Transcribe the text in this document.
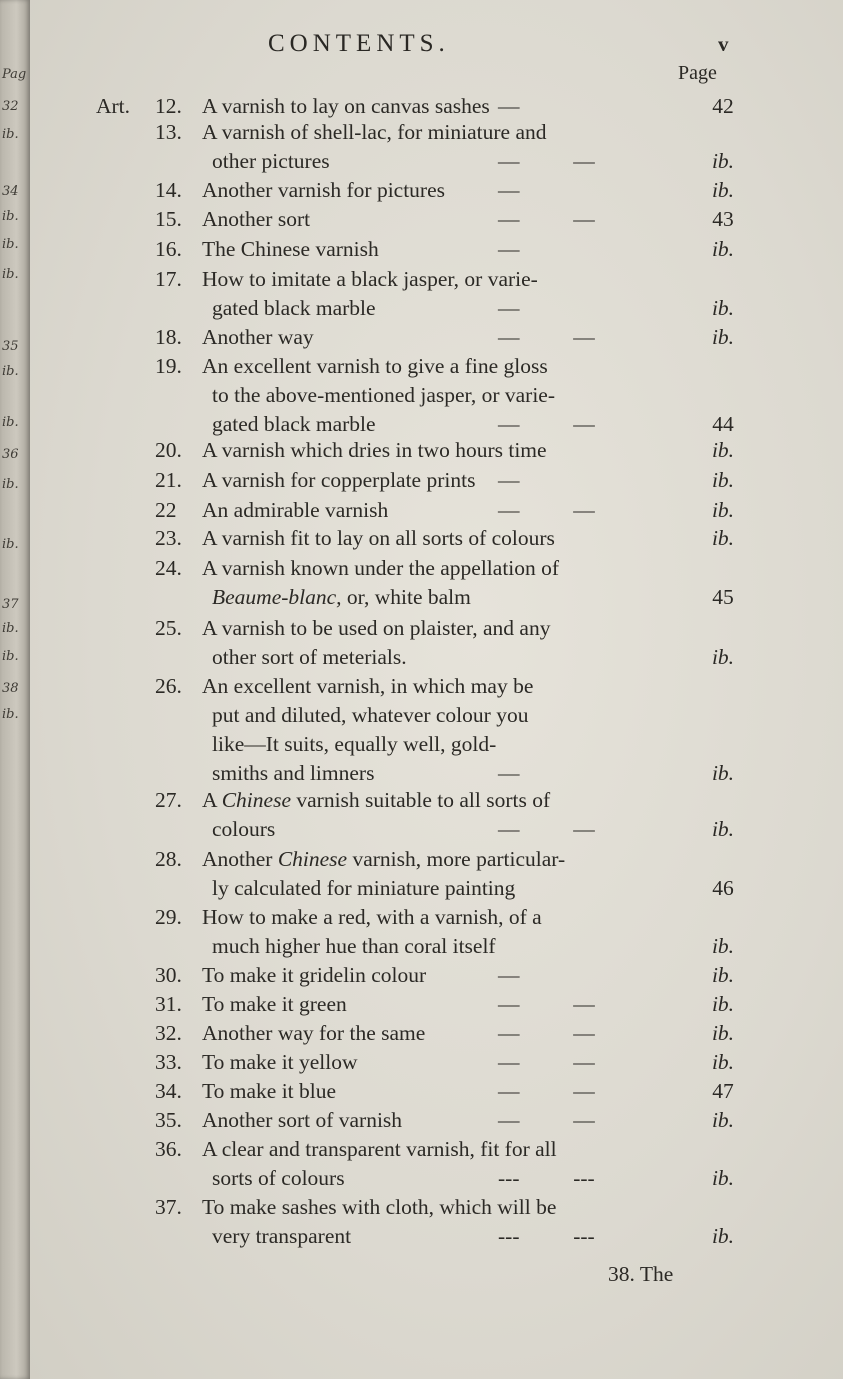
Pag
32
ib.
34
ib.
ib.
ib.
35
ib.
ib.
36
ib.
ib.
37
ib.
ib.
38
ib.
CONTENTS.	v
Page
Art. 12. A varnish to lay on canvas sashes —	42
13. A varnish of shell-lac, for miniature and
other pictures	—          —	ib.
14. Another varnish for pictures —	ib.
15. Another sort	—          —	43
16. The Chinese varnish	—	ib.
17. How to imitate a black jasper, or varie-
gated black marble	—	ib.
18. Another way	—          —	ib.
19. An excellent varnish to give a fine gloss
to the above-mentioned jasper, or varie-
gated black marble	—          —	44
20. A varnish which dries in two hours time	ib.
21. A varnish for copperplate prints —	ib.
22 An admirable varnish	—          —	ib.
23. A varnish fit to lay on all sorts of colours	ib.
24. A varnish known under the appellation of
Beaume-blanc, or, white balm	45
25. A varnish to be used on plaister, and any
other sort of meterials.	ib.
26. An excellent varnish, in which may be
put and diluted, whatever colour you
like—It suits, equally well, gold-
smiths and limners	—	ib.
27. A Chinese varnish suitable to all sorts of
colours	—          —	ib.
28. Another Chinese varnish, more particular-
ly calculated for miniature painting	46
29. How to make a red, with a varnish, of a
much higher hue than coral itself	ib.
30. To make it gridelin colour	—	ib.
31. To make it green	—          —	ib.
32. Another way for the same	—          —	ib.
33. To make it yellow	—          —	ib.
34. To make it blue	—          —	47
35. Another sort of varnish	—          —	ib.
36. A clear and transparent varnish, fit for all
sorts of colours	---          ---	ib.
37. To make sashes with cloth, which will be
very transparent	---          ---	ib.
38. The
